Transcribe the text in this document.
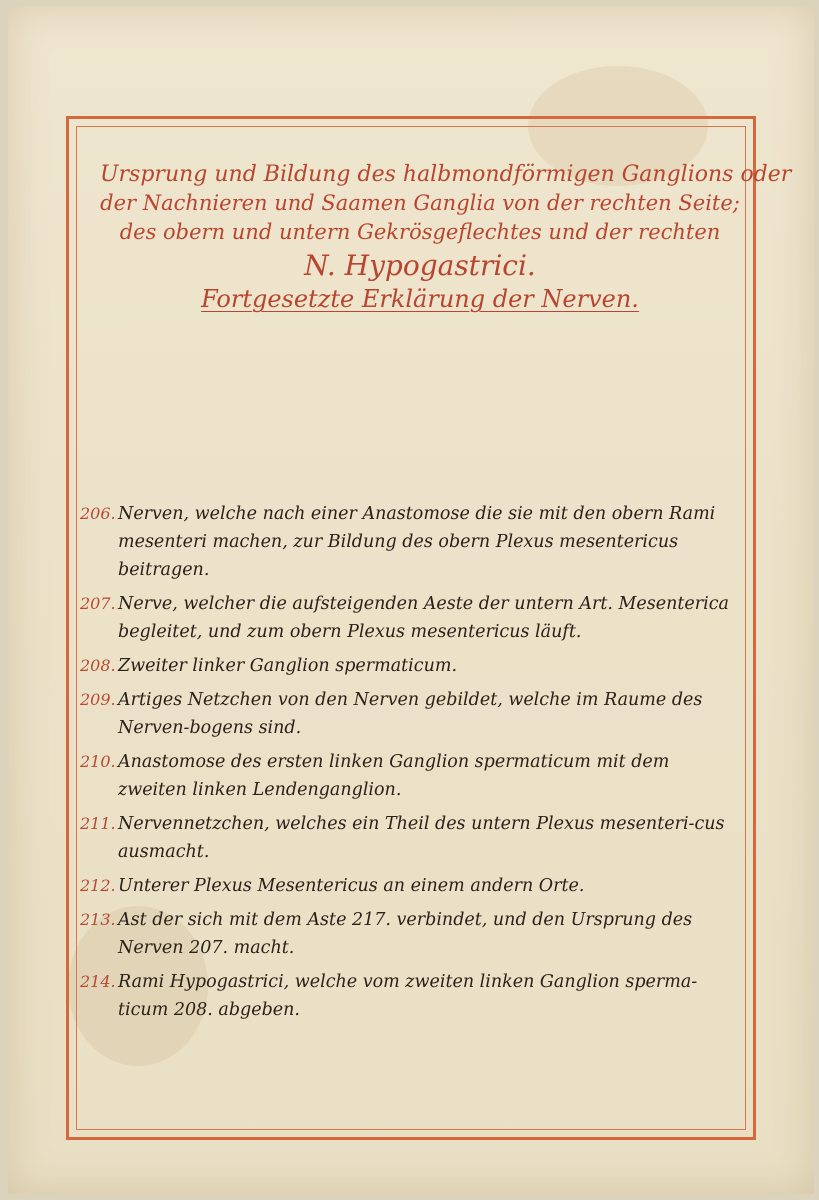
Ursprung und Bildung des halbmondförmigen Ganglions oder
der Nachnieren und Saamen Ganglia von der rechten Seite;
des obern und untern Gekrösgeflechtes und der rechten
N. Hypogastrici.
Fortgesetzte Erklärung der Nerven.
206. Nerven, welche nach einer Anastomose die sie mit den obern Rami mesenteri machen, zur Bildung des obern Plexus mesentericus beitragen.
207. Nerve, welcher die aufsteigenden Aeste der untern Art. Mesenterica begleitet, und zum obern Plexus mesentericus läuft.
208. Zweiter linker Ganglion spermaticum.
209. Artiges Netzchen von den Nerven gebildet, welche im Raume des Nerven-bogens sind.
210. Anastomose des ersten linken Ganglion spermaticum mit dem zweiten linken Lendenganglion.
211. Nervennetzchen, welches ein Theil des untern Plexus mesenteri-cus ausmacht.
212. Unterer Plexus Mesentericus an einem andern Orte.
213. Ast der sich mit dem Aste 217. verbindet, und den Ursprung des Nerven 207. macht.
214. Rami Hypogastrici, welche vom zweiten linken Ganglion sperma-ticum 208. abgeben.
